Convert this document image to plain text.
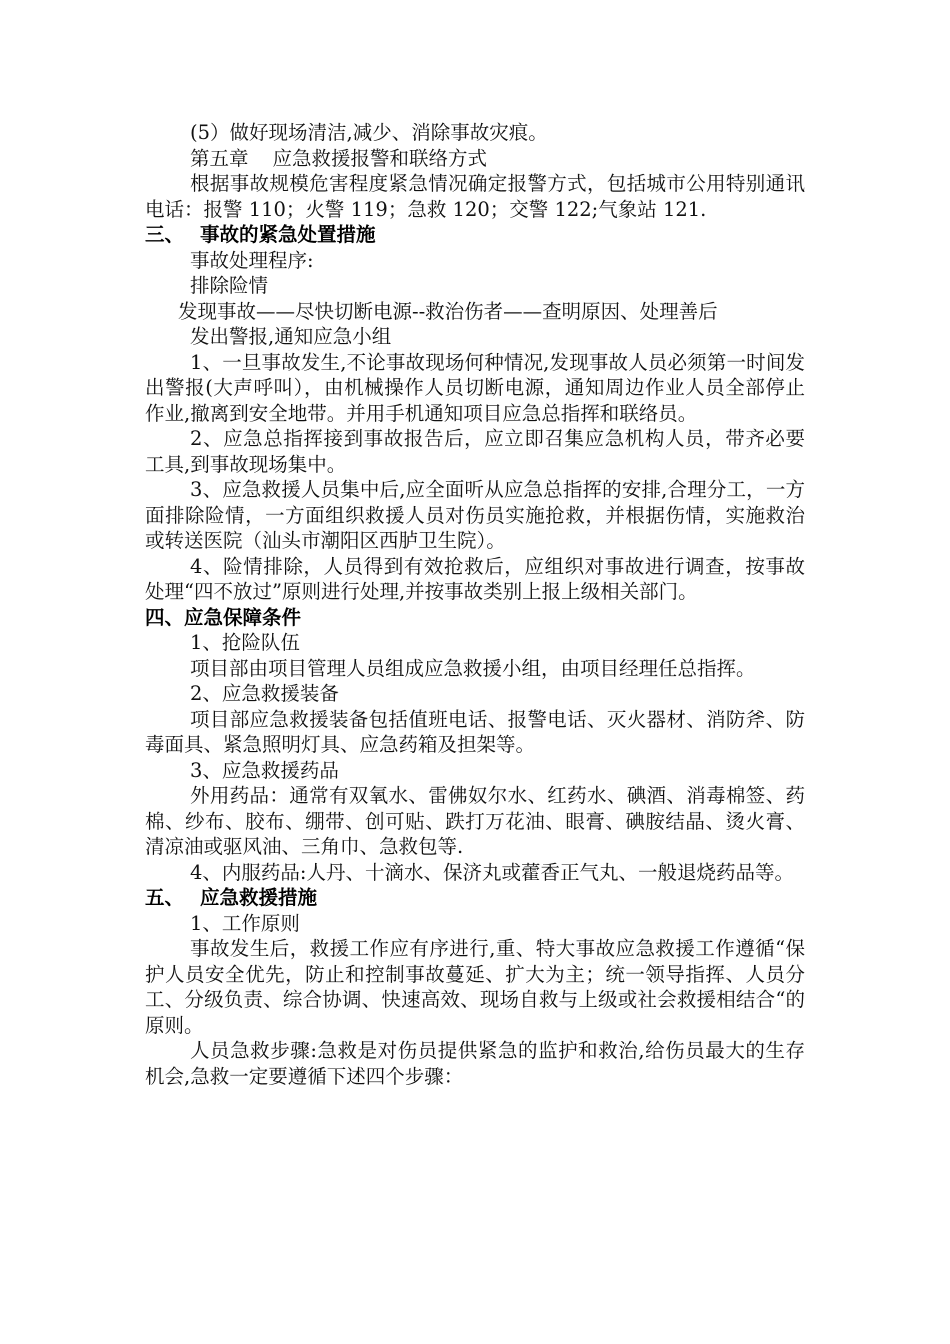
(5）做好现场清洁,减少、消除事故灾痕。

第五章 应急救援报警和联络方式

根据事故规模危害程度紧急情况确定报警方式，包括城市公用特别通讯电话：报警 110；火警 119；急救 120；交警 122;气象站 121.

三、 事故的紧急处置措施

事故处理程序:

排除险情

发现事故——尽快切断电源--救治伤者——查明原因、处理善后

发出警报,通知应急小组

1、一旦事故发生,不论事故现场何种情况,发现事故人员必须第一时间发出警报(大声呼叫），由机械操作人员切断电源，通知周边作业人员全部停止作业,撤离到安全地带。并用手机通知项目应急总指挥和联络员。

2、应急总指挥接到事故报告后，应立即召集应急机构人员，带齐必要工具,到事故现场集中。

3、应急救援人员集中后,应全面听从应急总指挥的安排,合理分工，一方面排除险情，一方面组织救援人员对伤员实施抢救，并根据伤情，实施救治或转送医院（汕头市潮阳区西胪卫生院）。

4、险情排除，人员得到有效抢救后，应组织对事故进行调查，按事故处理“四不放过”原则进行处理,并按事故类别上报上级相关部门。

四、应急保障条件

1、抢险队伍

项目部由项目管理人员组成应急救援小组，由项目经理任总指挥。

2、应急救援装备

项目部应急救援装备包括值班电话、报警电话、灭火器材、消防斧、防毒面具、紧急照明灯具、应急药箱及担架等。

3、应急救援药品

外用药品：通常有双氧水、雷佛奴尔水、红药水、碘酒、消毒棉签、药棉、纱布、胶布、绷带、创可贴、跌打万花油、眼膏、碘胺结晶、烫火膏、清凉油或驱风油、三角巾、急救包等.

4、内服药品:人丹、十滴水、保济丸或藿香正气丸、一般退烧药品等。

五、 应急救援措施

1、工作原则

事故发生后，救援工作应有序进行,重、特大事故应急救援工作遵循“保护人员安全优先，防止和控制事故蔓延、扩大为主；统一领导指挥、人员分工、分级负责、综合协调、快速高效、现场自救与上级或社会救援相结合“的原则。

人员急救步骤:急救是对伤员提供紧急的监护和救治,给伤员最大的生存机会,急救一定要遵循下述四个步骤：
